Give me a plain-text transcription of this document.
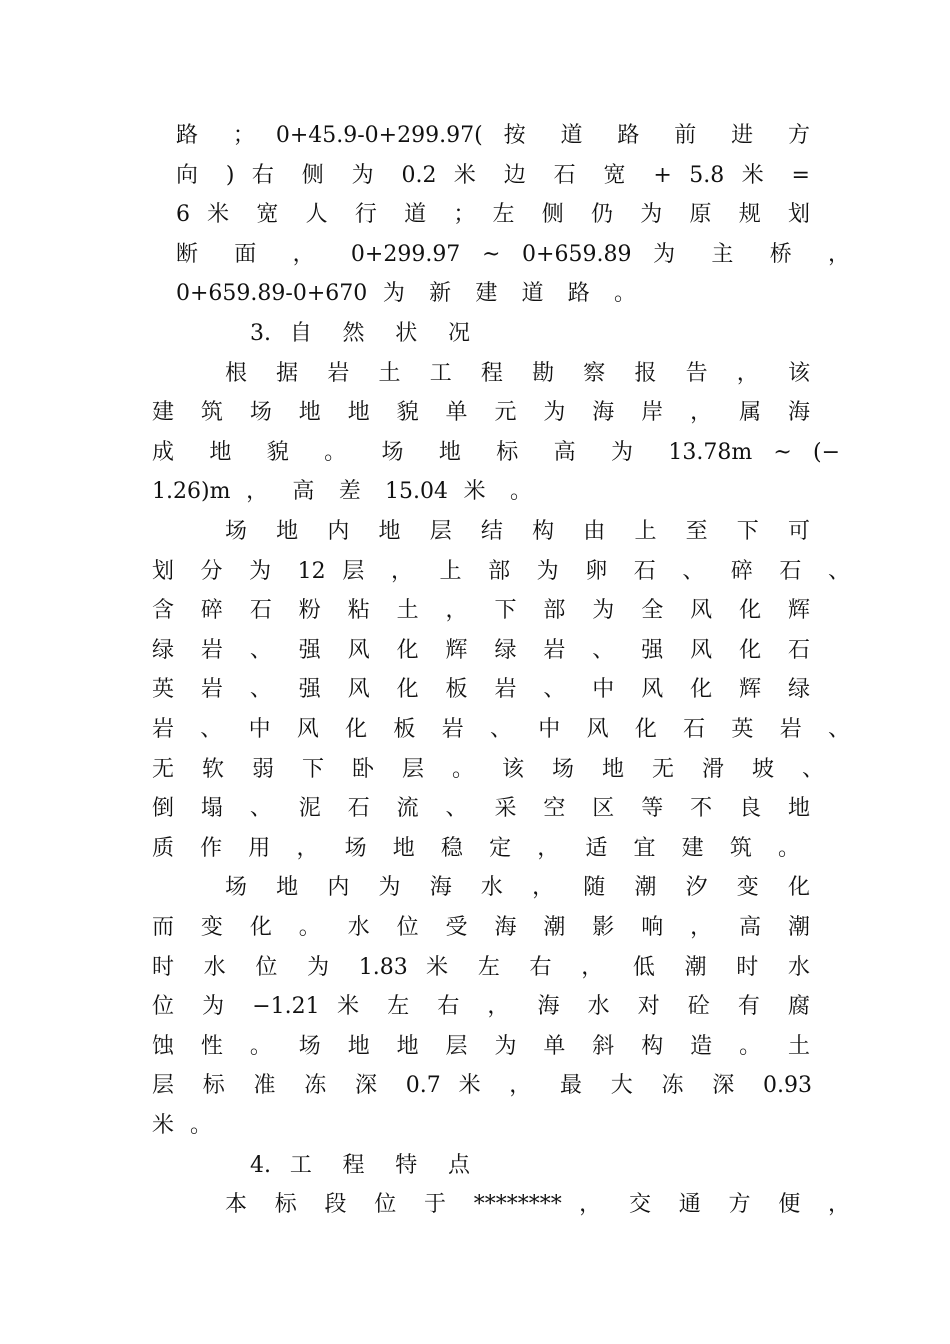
路 ； 0+45.9-0+299.97( 按 道 路 前 进 方
向 ) 右 侧 为 0.2 米 边 石 宽 + 5.8 米 =
6 米 宽 人 行 道 ； 左 侧 仍 为 原 规 划
断 面 ， 0+299.97 ~ 0+659.89 为 主 桥 ，
0+659.89-0+670 为 新 建 道 路 。
3. 自 然 状 况
根 据 岩 土 工 程 勘 察 报 告 ， 该
建 筑 场 地 地 貌 单 元 为 海 岸 ， 属 海
成 地 貌 。 场 地 标 高 为 13.78m ~ (−
1.26)m ， 高 差 15.04 米 。
场 地 内 地 层 结 构 由 上 至 下 可
划 分 为 12 层 ， 上 部 为 卵 石 、 碎 石 、
含 碎 石 粉 粘 土 ， 下 部 为 全 风 化 辉
绿 岩 、 强 风 化 辉 绿 岩 、 强 风 化 石
英 岩 、 强 风 化 板 岩 、 中 风 化 辉 绿
岩 、 中 风 化 板 岩 、 中 风 化 石 英 岩 、
无 软 弱 下 卧 层 。 该 场 地 无 滑 坡 、
倒 塌 、 泥 石 流 、 采 空 区 等 不 良 地
质 作 用 ， 场 地 稳 定 ， 适 宜 建 筑 。
场 地 内 为 海 水 ， 随 潮 汐 变 化
而 变 化 。 水 位 受 海 潮 影 响 ， 高 潮
时 水 位 为 1.83 米 左 右 ， 低 潮 时 水
位 为 −1.21 米 左 右 ， 海 水 对 砼 有 腐
蚀 性 。 场 地 地 层 为 单 斜 构 造 。 土
层 标 准 冻 深 0.7 米 ， 最 大 冻 深 0.93
米 。
4. 工 程 特 点
本 标 段 位 于 ******** ， 交 通 方 便 ，
